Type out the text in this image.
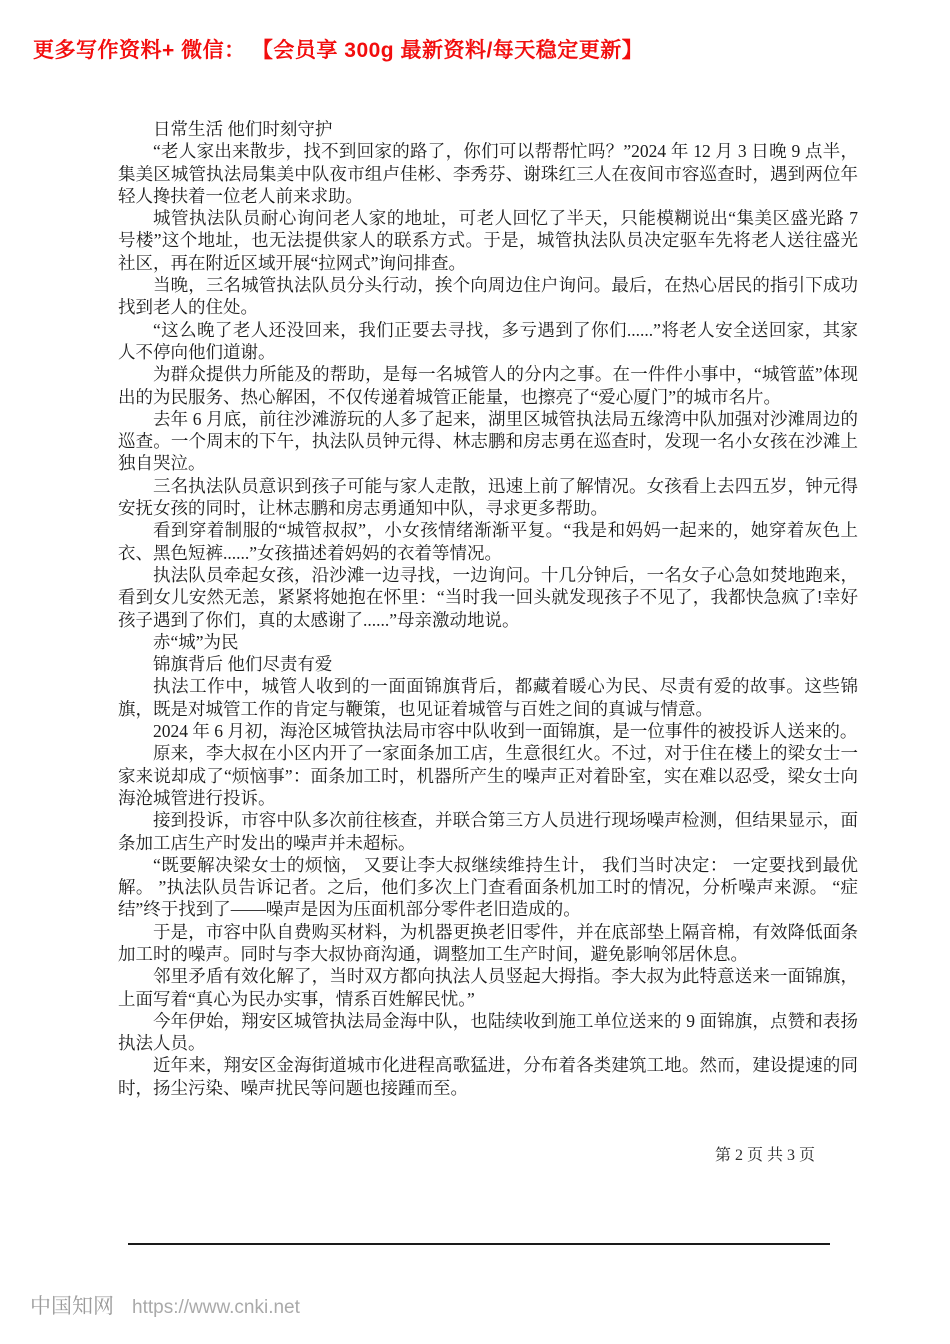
更多写作资料+ 微信： 【会员享 300g 最新资料/每天稳定更新】

日常生活 他们时刻守护

“老人家出来散步，找不到回家的路了，你们可以帮帮忙吗？”2024 年 12 月 3 日晚 9 点半，集美区城管执法局集美中队夜市组卢佳彬、李秀芬、谢珠红三人在夜间市容巡查时，遇到两位年轻人搀扶着一位老人前来求助。

城管执法队员耐心询问老人家的地址，可老人回忆了半天，只能模糊说出“集美区盛光路 7 号楼”这个地址，也无法提供家人的联系方式。于是，城管执法队员决定驱车先将老人送往盛光社区，再在附近区域开展“拉网式”询问排查。

当晚，三名城管执法队员分头行动，挨个向周边住户询问。最后，在热心居民的指引下成功找到老人的住处。

“这么晚了老人还没回来，我们正要去寻找，多亏遇到了你们......”将老人安全送回家，其家人不停向他们道谢。

为群众提供力所能及的帮助，是每一名城管人的分内之事。在一件件小事中，“城管蓝”体现出的为民服务、热心解困，不仅传递着城管正能量，也擦亮了“爱心厦门”的城市名片。

去年 6 月底，前往沙滩游玩的人多了起来，湖里区城管执法局五缘湾中队加强对沙滩周边的巡查。一个周末的下午，执法队员钟元得、林志鹏和房志勇在巡查时，发现一名小女孩在沙滩上独自哭泣。

三名执法队员意识到孩子可能与家人走散，迅速上前了解情况。女孩看上去四五岁，钟元得安抚女孩的同时，让林志鹏和房志勇通知中队，寻求更多帮助。

看到穿着制服的“城管叔叔”，小女孩情绪渐渐平复。“我是和妈妈一起来的，她穿着灰色上衣、黑色短裤......”女孩描述着妈妈的衣着等情况。

执法队员牵起女孩，沿沙滩一边寻找，一边询问。十几分钟后，一名女子心急如焚地跑来，看到女儿安然无恙，紧紧将她抱在怀里：“当时我一回头就发现孩子不见了，我都快急疯了!幸好孩子遇到了你们，真的太感谢了......”母亲激动地说。

赤“城”为民

锦旗背后 他们尽责有爱

执法工作中，城管人收到的一面面锦旗背后，都藏着暖心为民、尽责有爱的故事。这些锦旗，既是对城管工作的肯定与鞭策，也见证着城管与百姓之间的真诚与情意。

2024 年 6 月初，海沧区城管执法局市容中队收到一面锦旗，是一位事件的被投诉人送来的。

原来，李大叔在小区内开了一家面条加工店，生意很红火。不过，对于住在楼上的梁女士一家来说却成了“烦恼事”：面条加工时，机器所产生的噪声正对着卧室，实在难以忍受，梁女士向海沧城管进行投诉。

接到投诉，市容中队多次前往核查，并联合第三方人员进行现场噪声检测，但结果显示，面条加工店生产时发出的噪声并未超标。

“既要解决梁女士的烦恼， 又要让李大叔继续维持生计， 我们当时决定： 一定要找到最优解。 ”执法队员告诉记者。之后，他们多次上门查看面条机加工时的情况，分析噪声来源。 “症结”终于找到了——噪声是因为压面机部分零件老旧造成的。

于是，市容中队自费购买材料，为机器更换老旧零件，并在底部垫上隔音棉，有效降低面条加工时的噪声。同时与李大叔协商沟通，调整加工生产时间，避免影响邻居休息。

邻里矛盾有效化解了，当时双方都向执法人员竖起大拇指。李大叔为此特意送来一面锦旗，上面写着“真心为民办实事，情系百姓解民忧。”

今年伊始，翔安区城管执法局金海中队，也陆续收到施工单位送来的 9 面锦旗，点赞和表扬执法人员。

近年来，翔安区金海街道城市化进程高歌猛进，分布着各类建筑工地。然而，建设提速的同时，扬尘污染、噪声扰民等问题也接踵而至。

第 2 页 共 3 页
中国知网 https://www.cnki.net
